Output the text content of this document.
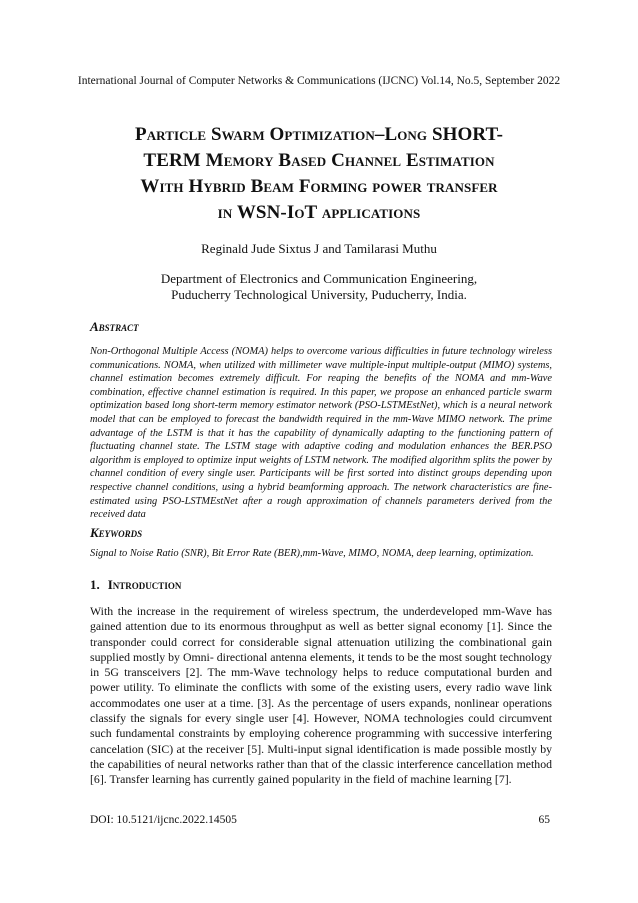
International Journal of Computer Networks & Communications (IJCNC) Vol.14, No.5, September 2022
Particle Swarm Optimization–Long SHORT-
TERM Memory Based Channel Estimation
With Hybrid Beam Forming power transfer
in WSN-IoT applications
Reginald Jude Sixtus J and Tamilarasi Muthu
Department of Electronics and Communication Engineering,
Puducherry Technological University, Puducherry, India.
Abstract

Non-Orthogonal Multiple Access (NOMA) helps to overcome various difficulties in future technology wireless communications. NOMA, when utilized with millimeter wave multiple-input multiple-output (MIMO) systems, channel estimation becomes extremely difficult. For reaping the benefits of the NOMA and mm-Wave combination, effective channel estimation is required. In this paper, we propose an enhanced particle swarm optimization based long short-term memory estimator network (PSO-LSTMEstNet), which is a neural network model that can be employed to forecast the bandwidth required in the mm-Wave MIMO network. The prime advantage of the LSTM is that it has the capability of dynamically adapting to the functioning pattern of fluctuating channel state. The LSTM stage with adaptive coding and modulation enhances the BER.PSO algorithm is employed to optimize input weights of LSTM network. The modified algorithm splits the power by channel condition of every single user. Participants will be first sorted into distinct groups depending upon respective channel conditions, using a hybrid beamforming approach. The network characteristics are fine-estimated using PSO-LSTMEstNet after a rough approximation of channels parameters derived from the received data

Keywords

Signal to Noise Ratio (SNR), Bit Error Rate (BER),mm-Wave, MIMO, NOMA, deep learning, optimization.

1. Introduction

With the increase in the requirement of wireless spectrum, the underdeveloped mm-Wave has gained attention due to its enormous throughput as well as better signal economy [1]. Since the transponder could correct for considerable signal attenuation utilizing the combinational gain supplied mostly by Omni- directional antenna elements, it tends to be the most sought technology in 5G transceivers [2]. The mm-Wave technology helps to reduce computational burden and power utility. To eliminate the conflicts with some of the existing users, every radio wave link accommodates one user at a time. [3]. As the percentage of users expands, nonlinear operations classify the signals for every single user [4]. However, NOMA technologies could circumvent such fundamental constraints by employing coherence programming with successive interfering cancelation (SIC) at the receiver [5]. Multi-input signal identification is made possible mostly by the capabilities of neural networks rather than that of the classic interference cancellation method [6]. Transfer learning has currently gained popularity in the field of machine learning [7].

DOI: 10.5121/ijcnc.2022.14505	65
